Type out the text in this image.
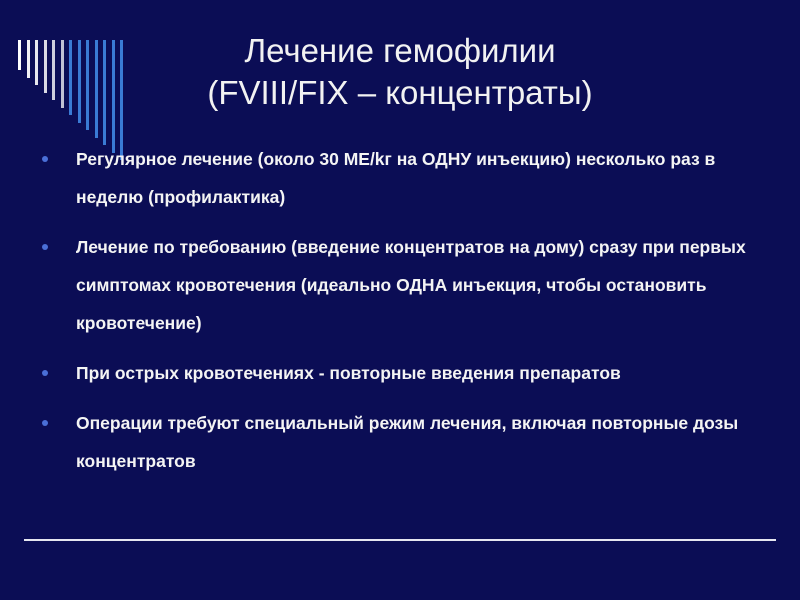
Лечение гемофилии
(FVIII/FIX – концентраты)
Регулярное лечение (около 30 МЕ/kг на ОДНУ инъекцию) несколько раз в неделю (профилактика)
Лечение по требованию (введение концентратов на дому) сразу при первых симптомах кровотечения (идеально ОДНА инъекция, чтобы остановить кровотечение)
При острых кровотечениях - повторные введения препаратов
Операции требуют специальный режим лечения, включая повторные дозы концентратов
